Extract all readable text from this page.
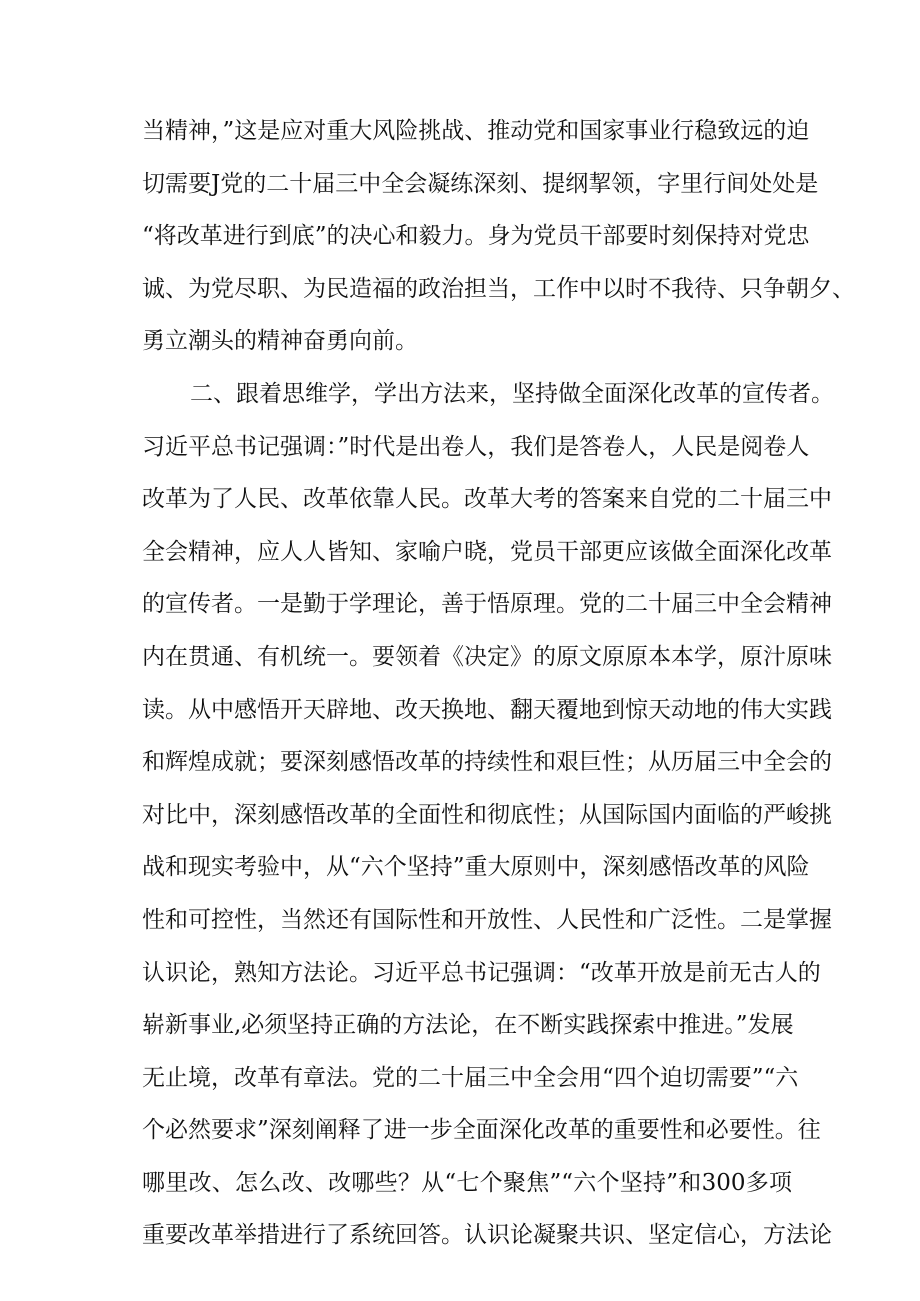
当精神，”这是应对重大风险挑战、推动党和国家事业行稳致远的迫
切需要J党的二十届三中全会凝练深刻、提纲挈领，字里行间处处是
“将改革进行到底”的决心和毅力。身为党员干部要时刻保持对党忠
诚、为党尽职、为民造福的政治担当，工作中以时不我待、只争朝夕、
勇立潮头的精神奋勇向前。
二、跟着思维学，学出方法来，坚持做全面深化改革的宣传者。
习近平总书记强调：”时代是出卷人，我们是答卷人，人民是阅卷人
改革为了人民、改革依靠人民。改革大考的答案来自党的二十届三中
全会精神，应人人皆知、家喻户晓，党员干部更应该做全面深化改革
的宣传者。一是勤于学理论，善于悟原理。党的二十届三中全会精神
内在贯通、有机统一。要领着《决定》的原文原原本本学，原汁原味
读。从中感悟开天辟地、改天换地、翻天覆地到惊天动地的伟大实践
和辉煌成就；要深刻感悟改革的持续性和艰巨性；从历届三中全会的
对比中，深刻感悟改革的全面性和彻底性；从国际国内面临的严峻挑
战和现实考验中，从“六个坚持”重大原则中，深刻感悟改革的风险
性和可控性，当然还有国际性和开放性、人民性和广泛性。二是掌握
认识论，熟知方法论。习近平总书记强调：“改革开放是前无古人的
崭新事业,必须坚持正确的方法论，在不断实践探索中推进。”发展
无止境，改革有章法。党的二十届三中全会用“四个迫切需要”“六
个必然要求”深刻阐释了进一步全面深化改革的重要性和必要性。往
哪里改、怎么改、改哪些？从“七个聚焦”“六个坚持”和300多项
重要改革举措进行了系统回答。认识论凝聚共识、坚定信心，方法论
